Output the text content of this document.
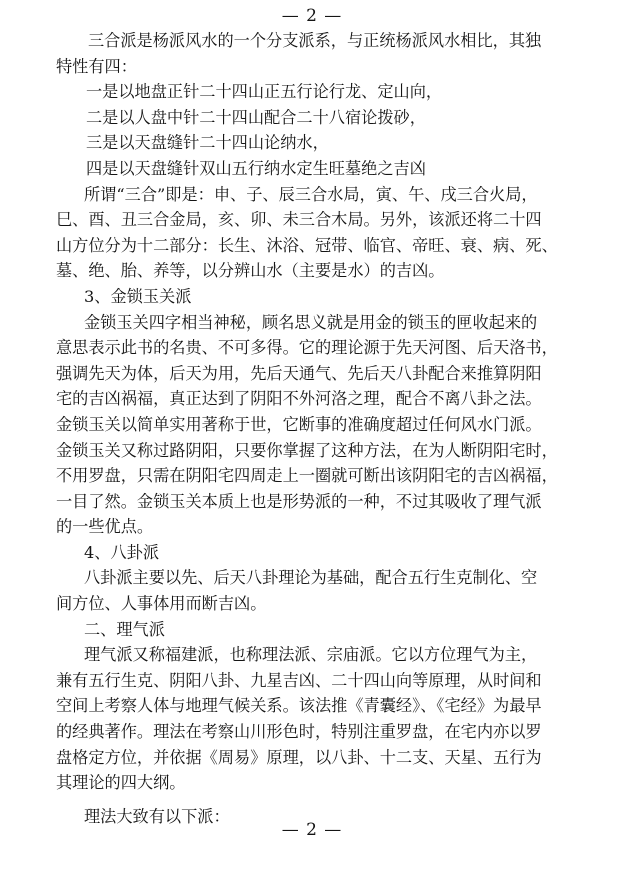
— 2 —

三合派是杨派风水的一个分支派系，与正统杨派风水相比，其独

特性有四：

一是以地盘正针二十四山正五行论行龙、定山向，

二是以人盘中针二十四山配合二十八宿论拨砂，

三是以天盘缝针二十四山论纳水，

四是以天盘缝针双山五行纳水定生旺墓绝之吉凶

所谓“三合”即是：申、子、辰三合水局，寅、午、戌三合火局，

巳、酉、丑三合金局，亥、卯、未三合木局。另外，该派还将二十四

山方位分为十二部分：长生、沐浴、冠带、临官、帝旺、衰、病、死、

墓、绝、胎、养等，以分辨山水（主要是水）的吉凶。

3、金锁玉关派

金锁玉关四字相当神秘，顾名思义就是用金的锁玉的匣收起来的

意思表示此书的名贵、不可多得。它的理论源于先天河图、后天洛书，

强调先天为体，后天为用，先后天通气、先后天八卦配合来推算阴阳

宅的吉凶祸福，真正达到了阴阳不外河洛之理，配合不离八卦之法。

金锁玉关以简单实用著称于世，它断事的准确度超过任何风水门派。

金锁玉关又称过路阴阳，只要你掌握了这种方法，在为人断阴阳宅时，

不用罗盘，只需在阴阳宅四周走上一圈就可断出该阴阳宅的吉凶祸福，

一目了然。金锁玉关本质上也是形势派的一种，不过其吸收了理气派

的一些优点。

4、八卦派

八卦派主要以先、后天八卦理论为基础，配合五行生克制化、空

间方位、人事体用而断吉凶。

二、理气派

理气派又称福建派，也称理法派、宗庙派。它以方位理气为主，

兼有五行生克、阴阳八卦、九星吉凶、二十四山向等原理，从时间和

空间上考察人体与地理气候关系。该法推《青囊经》、《宅经》为最早

的经典著作。理法在考察山川形色时，特别注重罗盘，在宅内亦以罗

盘格定方位，并依据《周易》原理，以八卦、十二支、天星、五行为

其理论的四大纲。

理法大致有以下派：

— 2 —
